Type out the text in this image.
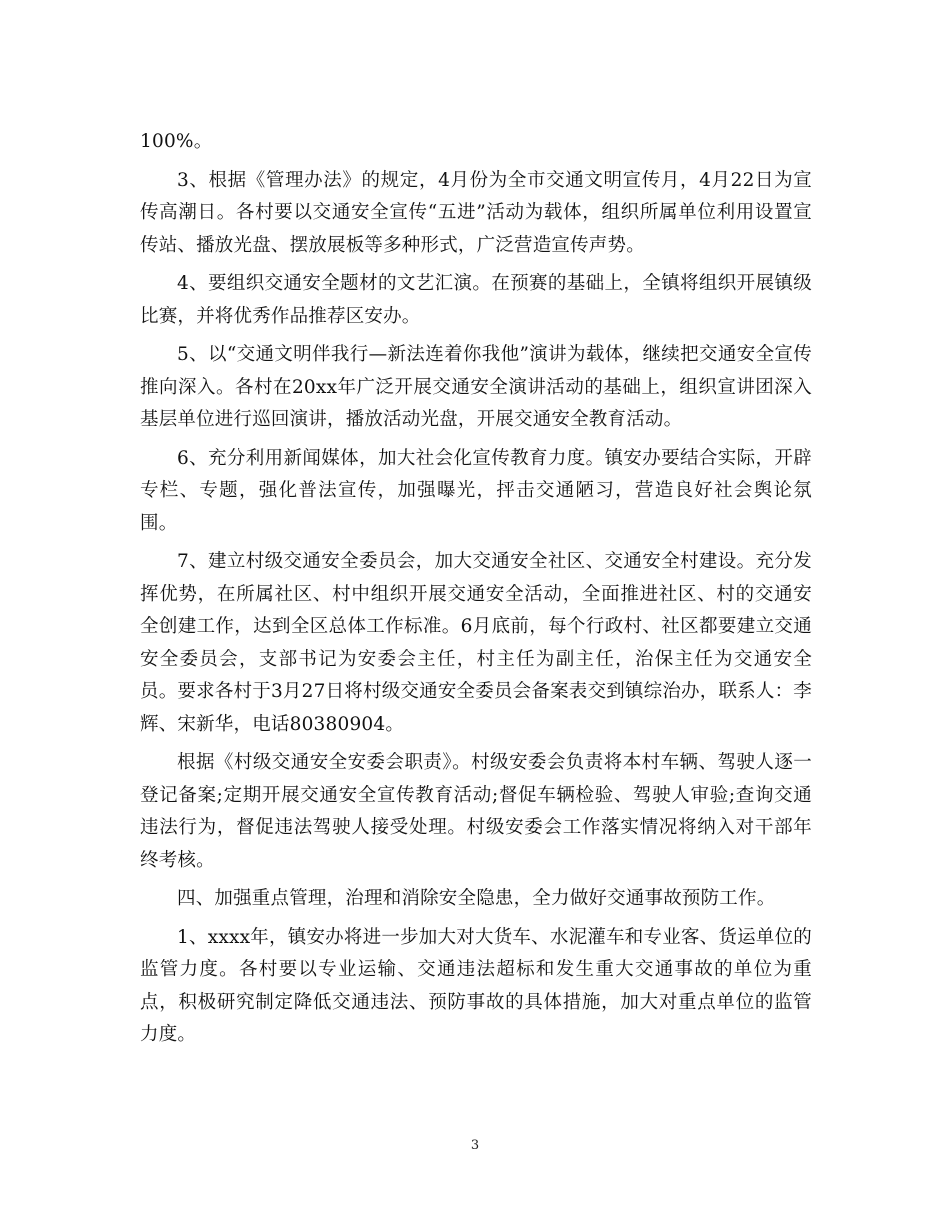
100%。

3、根据《管理办法》的规定，4月份为全市交通文明宣传月，4月22日为宣传高潮日。各村要以交通安全宣传“五进”活动为载体，组织所属单位利用设置宣传站、播放光盘、摆放展板等多种形式，广泛营造宣传声势。

4、要组织交通安全题材的文艺汇演。在预赛的基础上，全镇将组织开展镇级比赛，并将优秀作品推荐区安办。

5、以“交通文明伴我行—新法连着你我他”演讲为载体，继续把交通安全宣传推向深入。各村在20xx年广泛开展交通安全演讲活动的基础上，组织宣讲团深入基层单位进行巡回演讲，播放活动光盘，开展交通安全教育活动。

6、充分利用新闻媒体，加大社会化宣传教育力度。镇安办要结合实际，开辟专栏、专题，强化普法宣传，加强曝光，抨击交通陋习，营造良好社会舆论氛围。

7、建立村级交通安全委员会，加大交通安全社区、交通安全村建设。充分发挥优势，在所属社区、村中组织开展交通安全活动，全面推进社区、村的交通安全创建工作，达到全区总体工作标准。6月底前，每个行政村、社区都要建立交通安全委员会，支部书记为安委会主任，村主任为副主任，治保主任为交通安全员。要求各村于3月27日将村级交通安全委员会备案表交到镇综治办，联系人：李辉、宋新华，电话80380904。

根据《村级交通安全安委会职责》。村级安委会负责将本村车辆、驾驶人逐一登记备案;定期开展交通安全宣传教育活动;督促车辆检验、驾驶人审验;查询交通违法行为，督促违法驾驶人接受处理。村级安委会工作落实情况将纳入对干部年终考核。

四、加强重点管理，治理和消除安全隐患，全力做好交通事故预防工作。

1、xxxx年，镇安办将进一步加大对大货车、水泥灌车和专业客、货运单位的监管力度。各村要以专业运输、交通违法超标和发生重大交通事故的单位为重点，积极研究制定降低交通违法、预防事故的具体措施，加大对重点单位的监管力度。

3
